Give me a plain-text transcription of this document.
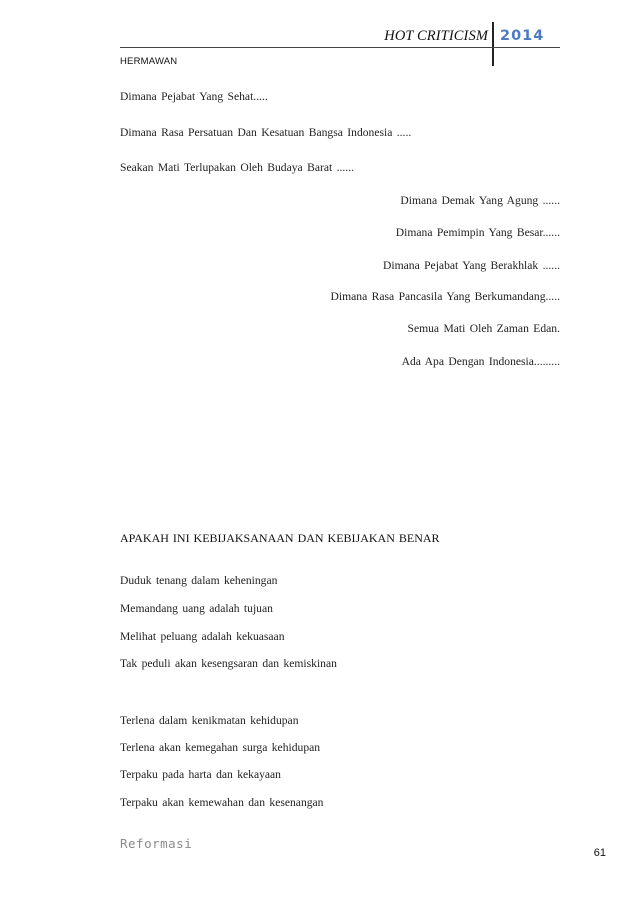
HOT CRITICISM 2014
HERMAWAN
Dimana Pejabat Yang Sehat.....
Dimana Rasa Persatuan Dan Kesatuan Bangsa Indonesia .....
Seakan Mati Terlupakan Oleh Budaya Barat ......
Dimana Demak Yang Agung ......
Dimana Pemimpin Yang Besar......
Dimana Pejabat Yang Berakhlak ......
Dimana Rasa Pancasila Yang Berkumandang.....
Semua Mati Oleh Zaman Edan.
Ada Apa Dengan Indonesia.........
APAKAH INI KEBIJAKSANAAN DAN KEBIJAKAN BENAR
Duduk tenang dalam keheningan
Memandang uang adalah tujuan
Melihat peluang adalah kekuasaan
Tak peduli akan kesengsaran dan kemiskinan
Terlena dalam kenikmatan kehidupan
Terlena akan kemegahan surga kehidupan
Terpaku pada harta dan kekayaan
Terpaku akan kemewahan dan kesenangan
Reformasi
61
